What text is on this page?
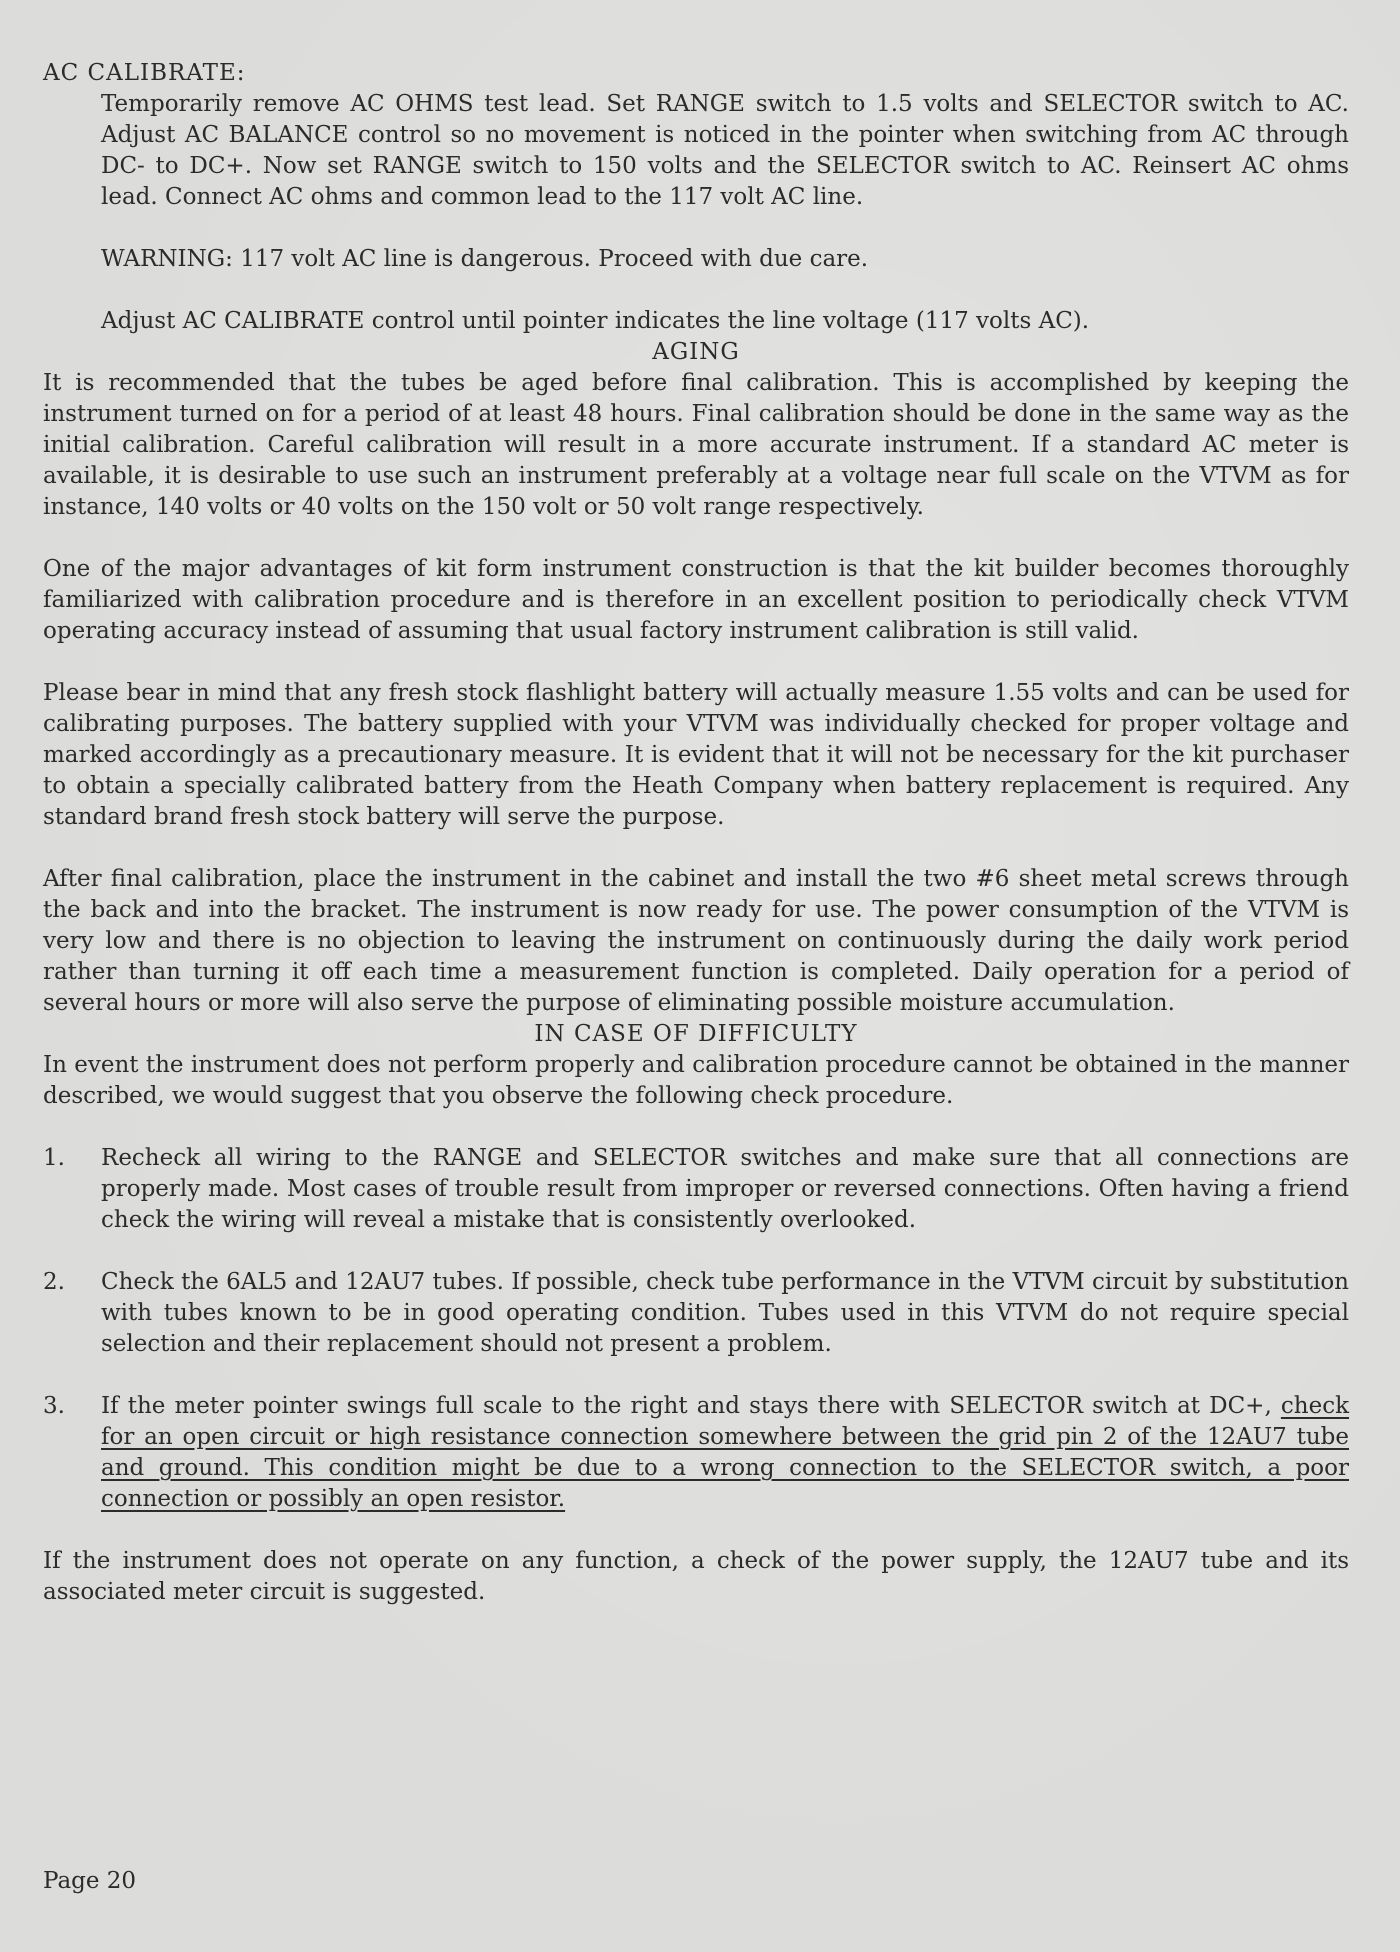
AC CALIBRATE:

Temporarily remove AC OHMS test lead. Set RANGE switch to 1.5 volts and SELECTOR switch to AC. Adjust AC BALANCE control so no movement is noticed in the pointer when switching from AC through DC- to DC+. Now set RANGE switch to 150 volts and the SELECTOR switch to AC. Reinsert AC ohms lead. Connect AC ohms and common lead to the 117 volt AC line.

WARNING: 117 volt AC line is dangerous. Proceed with due care.

Adjust AC CALIBRATE control until pointer indicates the line voltage (117 volts AC).

AGING

It is recommended that the tubes be aged before final calibration. This is accomplished by keeping the instrument turned on for a period of at least 48 hours. Final calibration should be done in the same way as the initial calibration. Careful calibration will result in a more accurate instrument. If a standard AC meter is available, it is desirable to use such an instrument preferably at a voltage near full scale on the VTVM as for instance, 140 volts or 40 volts on the 150 volt or 50 volt range respectively.

One of the major advantages of kit form instrument construction is that the kit builder becomes thoroughly familiarized with calibration procedure and is therefore in an excellent position to periodically check VTVM operating accuracy instead of assuming that usual factory instrument calibration is still valid.

Please bear in mind that any fresh stock flashlight battery will actually measure 1.55 volts and can be used for calibrating purposes. The battery supplied with your VTVM was individually checked for proper voltage and marked accordingly as a precautionary measure. It is evident that it will not be necessary for the kit purchaser to obtain a specially calibrated battery from the Heath Company when battery replacement is required. Any standard brand fresh stock battery will serve the purpose.

After final calibration, place the instrument in the cabinet and install the two #6 sheet metal screws through the back and into the bracket. The instrument is now ready for use. The power consumption of the VTVM is very low and there is no objection to leaving the instrument on continuously during the daily work period rather than turning it off each time a measurement function is completed. Daily operation for a period of several hours or more will also serve the purpose of eliminating possible moisture accumulation.

IN CASE OF DIFFICULTY

In event the instrument does not perform properly and calibration procedure cannot be obtained in the manner described, we would suggest that you observe the following check procedure.

1.	Recheck all wiring to the RANGE and SELECTOR switches and make sure that all connections are properly made. Most cases of trouble result from improper or reversed connections. Often having a friend check the wiring will reveal a mistake that is consistently overlooked.
2.	Check the 6AL5 and 12AU7 tubes. If possible, check tube performance in the VTVM circuit by substitution with tubes known to be in good operating condition. Tubes used in this VTVM do not require special selection and their replacement should not present a problem.
3.	If the meter pointer swings full scale to the right and stays there with SELECTOR switch at DC+, check for an open circuit or high resistance connection somewhere between the grid pin 2 of the 12AU7 tube and ground. This condition might be due to a wrong connection to the SELECTOR switch, a poor connection or possibly an open resistor.

If the instrument does not operate on any function, a check of the power supply, the 12AU7 tube and its associated meter circuit is suggested.

Page 20
